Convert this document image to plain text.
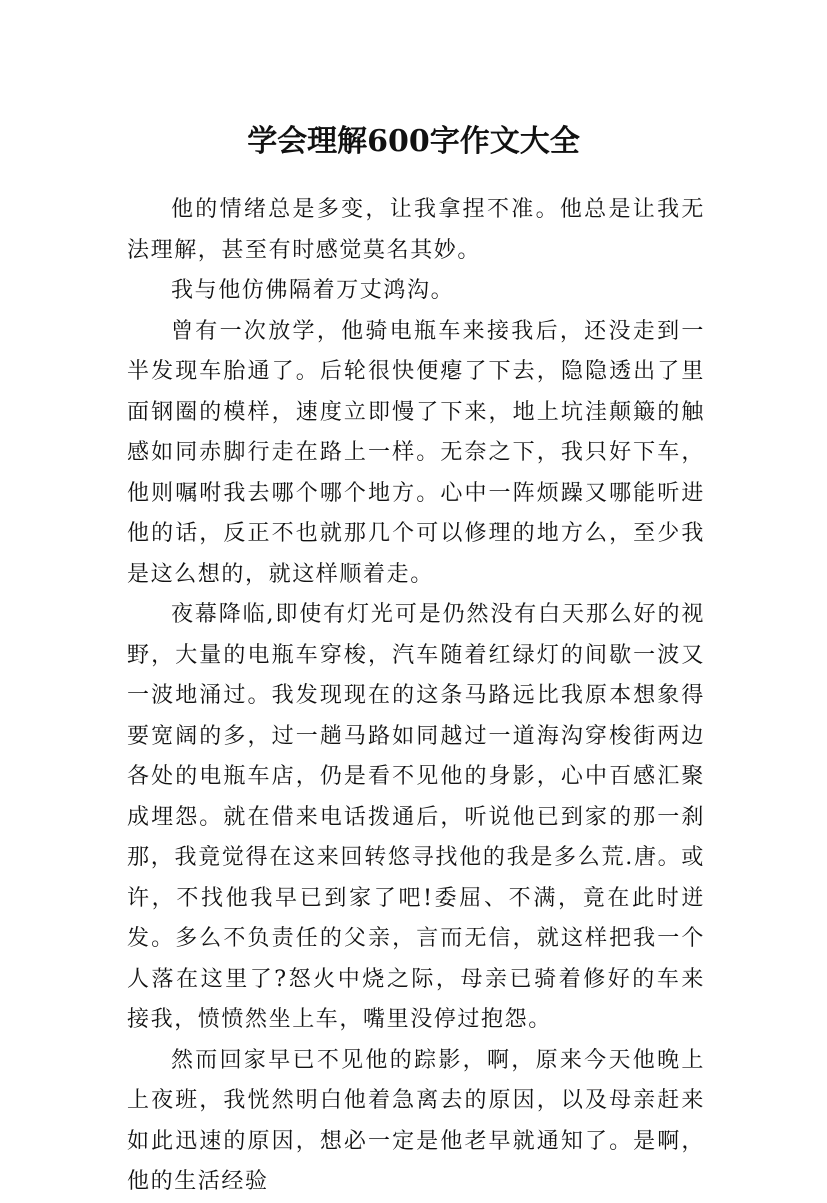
学会理解600字作文大全

他的情绪总是多变，让我拿捏不准。他总是让我无法理解，甚至有时感觉莫名其妙。

我与他仿佛隔着万丈鸿沟。

曾有一次放学，他骑电瓶车来接我后，还没走到一半发现车胎通了。后轮很快便瘪了下去，隐隐透出了里面钢圈的模样，速度立即慢了下来，地上坑洼颠簸的触感如同赤脚行走在路上一样。无奈之下，我只好下车，他则嘱咐我去哪个哪个地方。心中一阵烦躁又哪能听进他的话，反正不也就那几个可以修理的地方么，至少我是这么想的，就这样顺着走。

夜幕降临,即使有灯光可是仍然没有白天那么好的视野，大量的电瓶车穿梭，汽车随着红绿灯的间歇一波又一波地涌过。我发现现在的这条马路远比我原本想象得要宽阔的多，过一趟马路如同越过一道海沟穿梭街两边各处的电瓶车店，仍是看不见他的身影，心中百感汇聚成埋怨。就在借来电话拨通后，听说他已到家的那一刹那，我竟觉得在这来回转悠寻找他的我是多么荒.唐。或许，不找他我早已到家了吧!委屈、不满，竟在此时迸发。多么不负责任的父亲，言而无信，就这样把我一个人落在这里了?怒火中烧之际，母亲已骑着修好的车来接我，愤愤然坐上车，嘴里没停过抱怨。

然而回家早已不见他的踪影，啊，原来今天他晚上上夜班，我恍然明白他着急离去的原因，以及母亲赶来如此迅速的原因，想必一定是他老早就通知了。是啊，他的生活经验
